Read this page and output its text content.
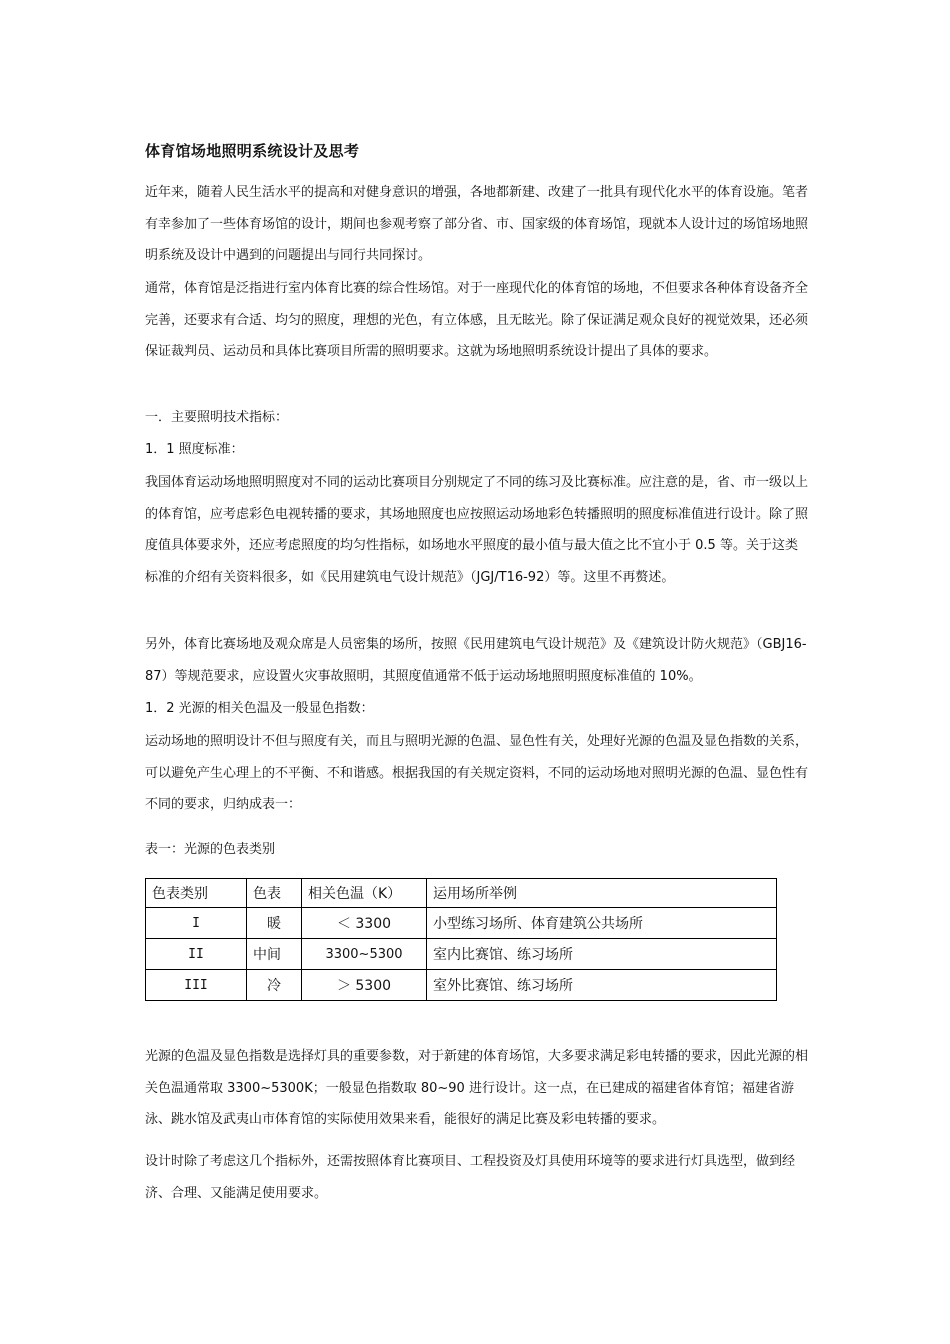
体育馆场地照明系统设计及思考

近年来，随着人民生活水平的提高和对健身意识的增强，各地都新建、改建了一批具有现代化水平的体育设施。笔者有幸参加了一些体育场馆的设计，期间也参观考察了部分省、市、国家级的体育场馆，现就本人设计过的场馆场地照明系统及设计中遇到的问题提出与同行共同探讨。

通常，体育馆是泛指进行室内体育比赛的综合性场馆。对于一座现代化的体育馆的场地，不但要求各种体育设备齐全完善，还要求有合适、均匀的照度，理想的光色，有立体感，且无眩光。除了保证满足观众良好的视觉效果，还必须保证裁判员、运动员和具体比赛项目所需的照明要求。这就为场地照明系统设计提出了具体的要求。

一．主要照明技术指标：

1．1 照度标准：

我国体育运动场地照明照度对不同的运动比赛项目分别规定了不同的练习及比赛标准。应注意的是，省、市一级以上的体育馆，应考虑彩色电视转播的要求，其场地照度也应按照运动场地彩色转播照明的照度标准值进行设计。除了照度值具体要求外，还应考虑照度的均匀性指标，如场地水平照度的最小值与最大值之比不宜小于 0.5 等。关于这类标准的介绍有关资料很多，如《民用建筑电气设计规范》（JGJ/T16-92）等。这里不再赘述。

另外，体育比赛场地及观众席是人员密集的场所，按照《民用建筑电气设计规范》及《建筑设计防火规范》（GBJ16-87）等规范要求，应设置火灾事故照明，其照度值通常不低于运动场地照明照度标准值的 10%。

1．2 光源的相关色温及一般显色指数：

运动场地的照明设计不但与照度有关，而且与照明光源的色温、显色性有关，处理好光源的色温及显色指数的关系，可以避免产生心理上的不平衡、不和谐感。根据我国的有关规定资料，不同的运动场地对照明光源的色温、显色性有不同的要求，归纳成表一：

表一：光源的色表类别

色表类别	色表	相关色温（K）	运用场所举例
I	暖	＜ 3300	小型练习场所、体育建筑公共场所
II	中间	3300~5300	室内比赛馆、练习场所
III	冷	＞ 5300	室外比赛馆、练习场所

光源的色温及显色指数是选择灯具的重要参数，对于新建的体育场馆，大多要求满足彩电转播的要求，因此光源的相关色温通常取 3300~5300K；一般显色指数取 80~90 进行设计。这一点，在已建成的福建省体育馆；福建省游泳、跳水馆及武夷山市体育馆的实际使用效果来看，能很好的满足比赛及彩电转播的要求。

设计时除了考虑这几个指标外，还需按照体育比赛项目、工程投资及灯具使用环境等的要求进行灯具选型，做到经济、合理、又能满足使用要求。
